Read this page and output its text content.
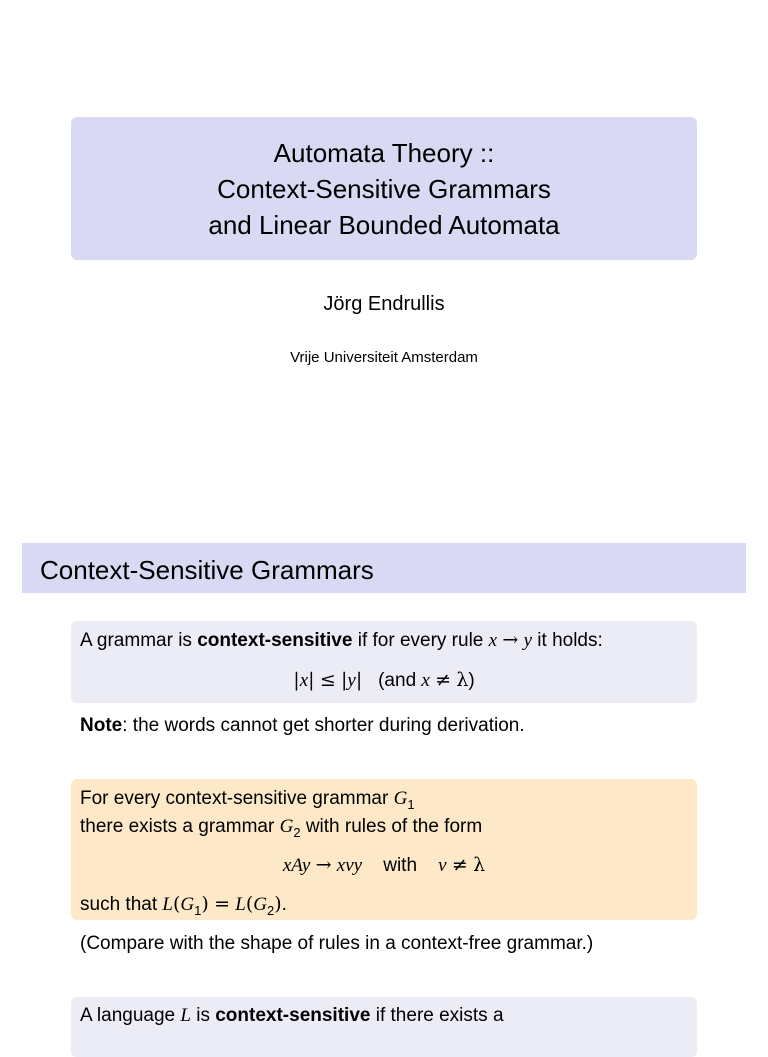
Automata Theory ::
Context-Sensitive Grammars
and Linear Bounded Automata
Jörg Endrullis
Vrije Universiteit Amsterdam
Context-Sensitive Grammars
A grammar is context-sensitive if for every rule x → y it holds:
|x| ≤ |y| (and x ≠ λ)
Note: the words cannot get shorter during derivation.
For every context-sensitive grammar $G_1$
there exists a grammar $G_2$ with rules of the form
xAy → xvy with v ≠ λ
such that $L(G_1) = L(G_2)$.
(Compare with the shape of rules in a context-free grammar.)
A language L is context-sensitive if there exists a
